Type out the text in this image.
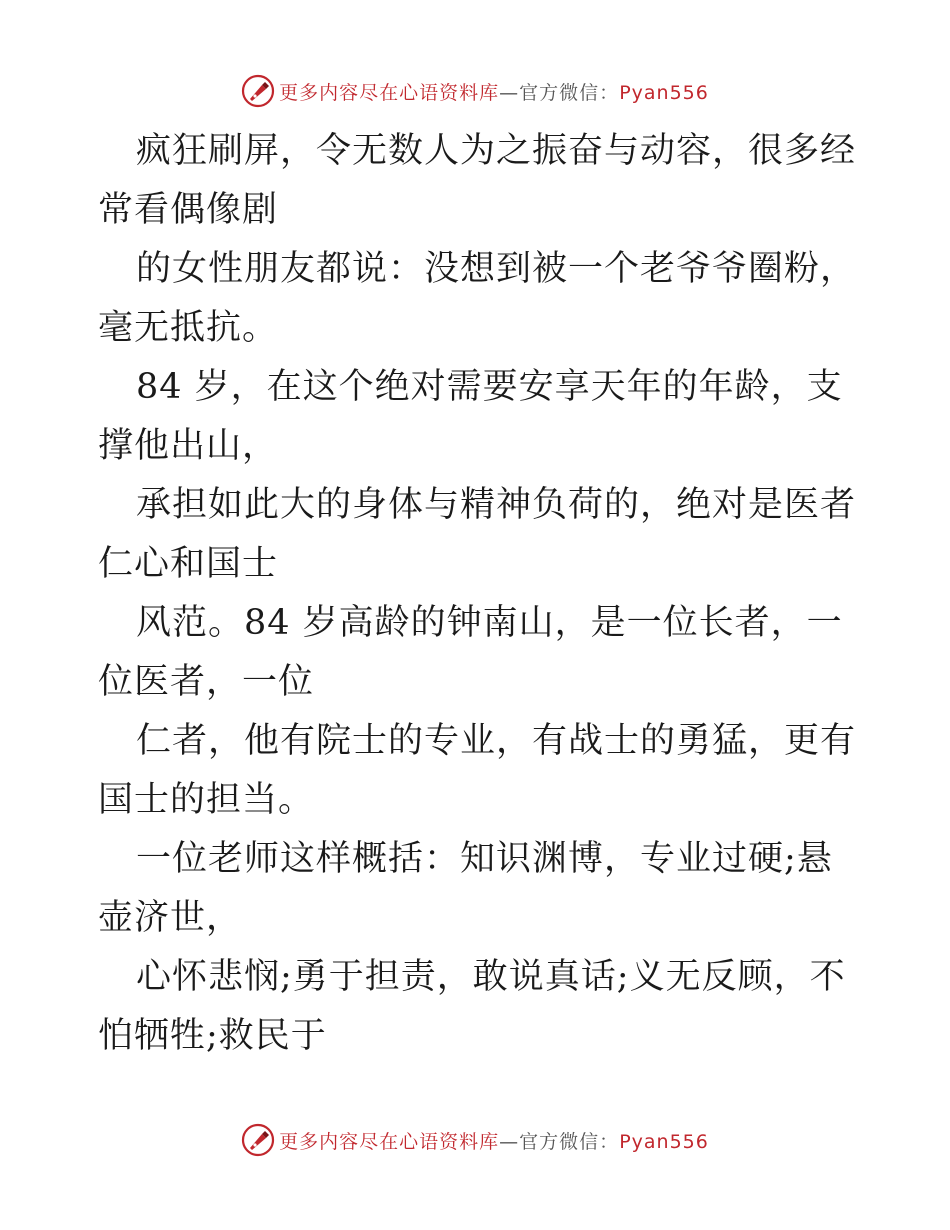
更多内容尽在心语资料库—官方微信：Pyan556

疯狂刷屏，令无数人为之振奋与动容，很多经常看偶像剧

的女性朋友都说：没想到被一个老爷爷圈粉，毫无抵抗。

84 岁，在这个绝对需要安享天年的年龄，支撑他出山，

承担如此大的身体与精神负荷的，绝对是医者仁心和国士

风范。84 岁高龄的钟南山，是一位长者，一位医者，一位

仁者，他有院士的专业，有战士的勇猛，更有国士的担当。

一位老师这样概括：知识渊博，专业过硬;悬壶济世，

心怀悲悯;勇于担责，敢说真话;义无反顾，不怕牺牲;救民于

更多内容尽在心语资料库—官方微信：Pyan556
